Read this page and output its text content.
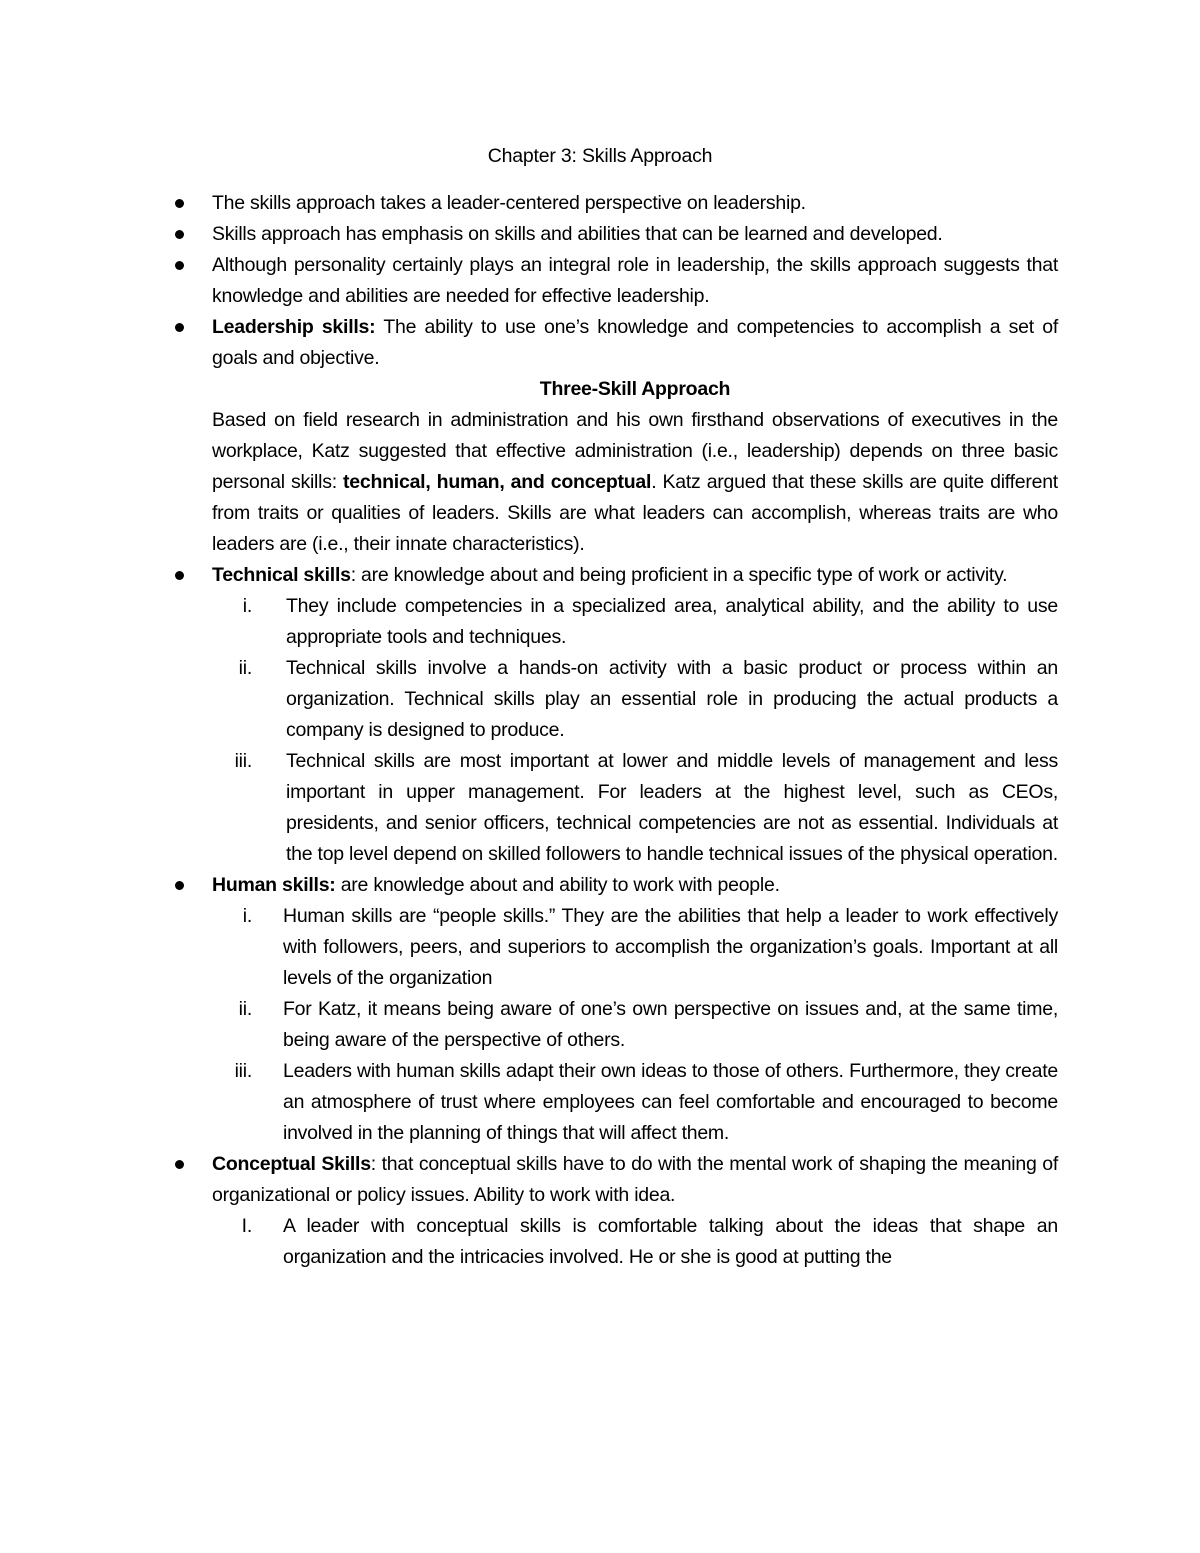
Chapter 3: Skills Approach
The skills approach takes a leader-centered perspective on leadership.
Skills approach has emphasis on skills and abilities that can be learned and developed.
Although personality certainly plays an integral role in leadership, the skills approach suggests that knowledge and abilities are needed for effective leadership.
Leadership skills: The ability to use one’s knowledge and competencies to accomplish a set of goals and objective.
Three-Skill Approach
Based on field research in administration and his own firsthand observations of executives in the workplace, Katz suggested that effective administration (i.e., leadership) depends on three basic personal skills: technical, human, and conceptual. Katz argued that these skills are quite different from traits or qualities of leaders. Skills are what leaders can accomplish, whereas traits are who leaders are (i.e., their innate characteristics).
Technical skills: are knowledge about and being proficient in a specific type of work or activity.
i. They include competencies in a specialized area, analytical ability, and the ability to use appropriate tools and techniques.
ii. Technical skills involve a hands-on activity with a basic product or process within an organization. Technical skills play an essential role in producing the actual products a company is designed to produce.
iii. Technical skills are most important at lower and middle levels of management and less important in upper management. For leaders at the highest level, such as CEOs, presidents, and senior officers, technical competencies are not as essential. Individuals at the top level depend on skilled followers to handle technical issues of the physical operation.
Human skills: are knowledge about and ability to work with people.
i. Human skills are “people skills.” They are the abilities that help a leader to work effectively with followers, peers, and superiors to accomplish the organization’s goals. Important at all levels of the organization
ii. For Katz, it means being aware of one’s own perspective on issues and, at the same time, being aware of the perspective of others.
iii. Leaders with human skills adapt their own ideas to those of others. Furthermore, they create an atmosphere of trust where employees can feel comfortable and encouraged to become involved in the planning of things that will affect them.
Conceptual Skills: that conceptual skills have to do with the mental work of shaping the meaning of organizational or policy issues. Ability to work with idea.
I. A leader with conceptual skills is comfortable talking about the ideas that shape an organization and the intricacies involved. He or she is good at putting the
